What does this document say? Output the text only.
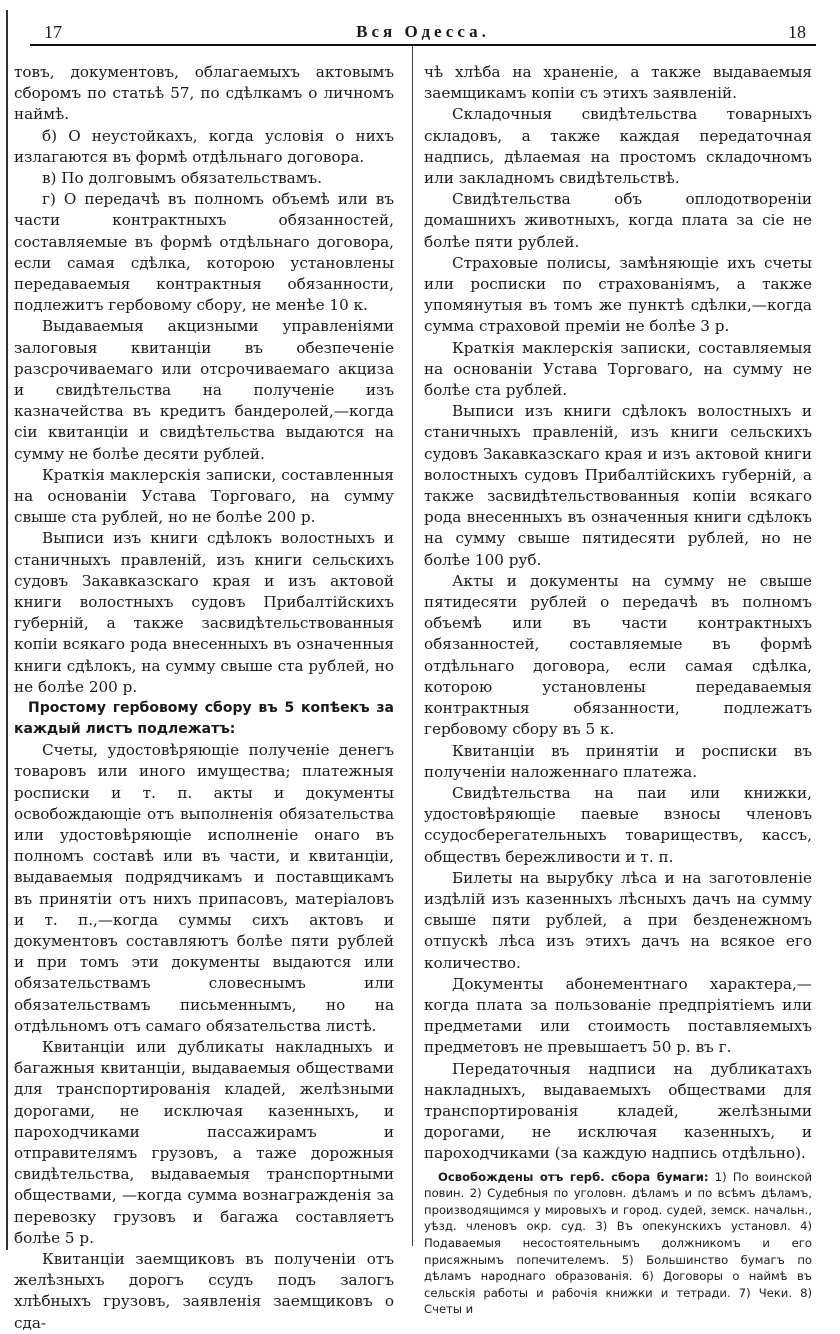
17	Вся Одесса.	18

товъ, документовъ, облагаемыхъ актовымъ сборомъ по статьѣ 57, по сдѣлкамъ о личномъ наймѣ.

б) О неустойкахъ, когда условія о нихъ излагаются въ формѣ отдѣльнаго договора.

в) По долговымъ обязательствамъ.

г) О передачѣ въ полномъ объемѣ или въ части контрактныхъ обязанностей, составляемые въ формѣ отдѣльнаго договора, если самая сдѣлка, которою установлены передаваемыя контрактныя обязанности, подлежитъ гербовому сбору, не менѣе 10 к.

Выдаваемыя акцизными управленіями залоговыя квитанціи въ обезпеченіе разсрочиваемаго или отсрочиваемаго акциза и свидѣтельства на полученіе изъ казначейства въ кредитъ бандеролей,—когда сіи квитанціи и свидѣтельства выдаются на сумму не болѣе десяти рублей.

Краткія маклерскія записки, составленныя на основаніи Устава Торговаго, на сумму свыше ста рублей, но не болѣе 200 р.

Выписи изъ книги сдѣлокъ волостныхъ и станичныхъ правленій, изъ книги сельскихъ судовъ Закавказскаго края и изъ актовой книги волостныхъ судовъ Прибалтійскихъ губерній, а также засвидѣтельствованныя копіи всякаго рода внесенныхъ въ означенныя книги сдѣлокъ, на сумму свыше ста рублей, но не болѣе 200 р.

Простому гербовому сбору въ 5 копѣекъ за каждый листъ подлежатъ:

Счеты, удостовѣряющіе полученіе денегъ товаровъ или иного имущества; платежныя росписки и т. п. акты и документы освобождающіе отъ выполненія обязательства или удостовѣряющіе исполненіе онаго въ полномъ составѣ или въ части, и квитанціи, выдаваемыя подрядчикамъ и поставщикамъ въ принятіи отъ нихъ припасовъ, матеріаловъ и т. п.,—когда суммы сихъ актовъ и документовъ составляютъ болѣе пяти рублей и при томъ эти документы выдаются или обязательствамъ словеснымъ или обязательствамъ письменнымъ, но на отдѣльномъ отъ самаго обязательства листѣ.

Квитанціи или дубликаты накладныхъ и багажныя квитанціи, выдаваемыя обществами для транспортированія кладей, желѣзными дорогами, не исключая казенныхъ, и пароходчиками пассажирамъ и отправителямъ грузовъ, а таже дорожныя свидѣтельства, выдаваемыя транспортными обществами, —когда сумма вознагражденія за перевозку грузовъ и багажа составляетъ болѣе 5 р.

Квитанціи заемщиковъ въ полученіи отъ желѣзныхъ дорогъ ссудъ подъ залогъ хлѣбныхъ грузовъ, заявленія заемщиковъ о сда-

чѣ хлѣба на храненіе, а также выдаваемыя заемщикамъ копіи съ этихъ заявленій.

Складочныя свидѣтельства товарныхъ складовъ, а также каждая передаточная надпись, дѣлаемая на простомъ складочномъ или закладномъ свидѣтельствѣ.

Свидѣтельства объ оплодотвореніи домашнихъ животныхъ, когда плата за сіе не болѣе пяти рублей.

Страховые полисы, замѣняющіе ихъ счеты или росписки по страхованіямъ, а также упомянутыя въ томъ же пунктѣ сдѣлки,—когда сумма страховой преміи не болѣе 3 р.

Краткія маклерскія записки, составляемыя на основаніи Устава Торговаго, на сумму не болѣе ста рублей.

Выписи изъ книги сдѣлокъ волостныхъ и станичныхъ правленій, изъ книги сельскихъ судовъ Закавказскаго края и изъ актовой книги волостныхъ судовъ Прибалтійскихъ губерній, а также засвидѣтельствованныя копіи всякаго рода внесенныхъ въ означенныя книги сдѣлокъ на сумму свыше пятидесяти рублей, но не болѣе 100 руб.

Акты и документы на сумму не свыше пятидесяти рублей о передачѣ въ полномъ объемѣ или въ части контрактныхъ обязанностей, составляемые въ формѣ отдѣльнаго договора, если самая сдѣлка, которою установлены передаваемыя контрактныя обязанности, подлежатъ гербовому сбору въ 5 к.

Квитанціи въ принятіи и росписки въ полученіи наложеннаго платежа.

Свидѣтельства на паи или книжки, удостовѣряющіе паевые взносы членовъ ссудосберегательныхъ товариществъ, кассъ, обществъ бережливости и т. п.

Билеты на вырубку лѣса и на заготовленіе издѣлій изъ казенныхъ лѣсныхъ дачъ на сумму свыше пяти рублей, а при безденежномъ отпускѣ лѣса изъ этихъ дачъ на всякое его количество.

Документы абонементнаго характера,—когда плата за пользованіе предпріятіемъ или предметами или стоимость поставляемыхъ предметовъ не превышаетъ 50 р. въ г.

Передаточныя надписи на дубликатахъ накладныхъ, выдаваемыхъ обществами для транспортированія кладей, желѣзными дорогами, не исключая казенныхъ, и пароходчиками (за каждую надпись отдѣльно).

Освобождены отъ герб. сбора бумаги: 1) По воинской повин. 2) Судебныя по уголовн. дѣламъ и по всѣмъ дѣламъ, производящимся у мировыхъ и город. судей, земск. начальн., уѣзд. членовъ окр. суд. 3) Въ опекунскихъ установл. 4) Подаваемыя несостоятельнымъ должникомъ и его присяжнымъ попечителемъ. 5) Большинство бумагъ по дѣламъ народнаго образованія. 6) Договоры о наймѣ въ сельскія работы и рабочія книжки и тетради. 7) Чеки. 8) Счеты и
